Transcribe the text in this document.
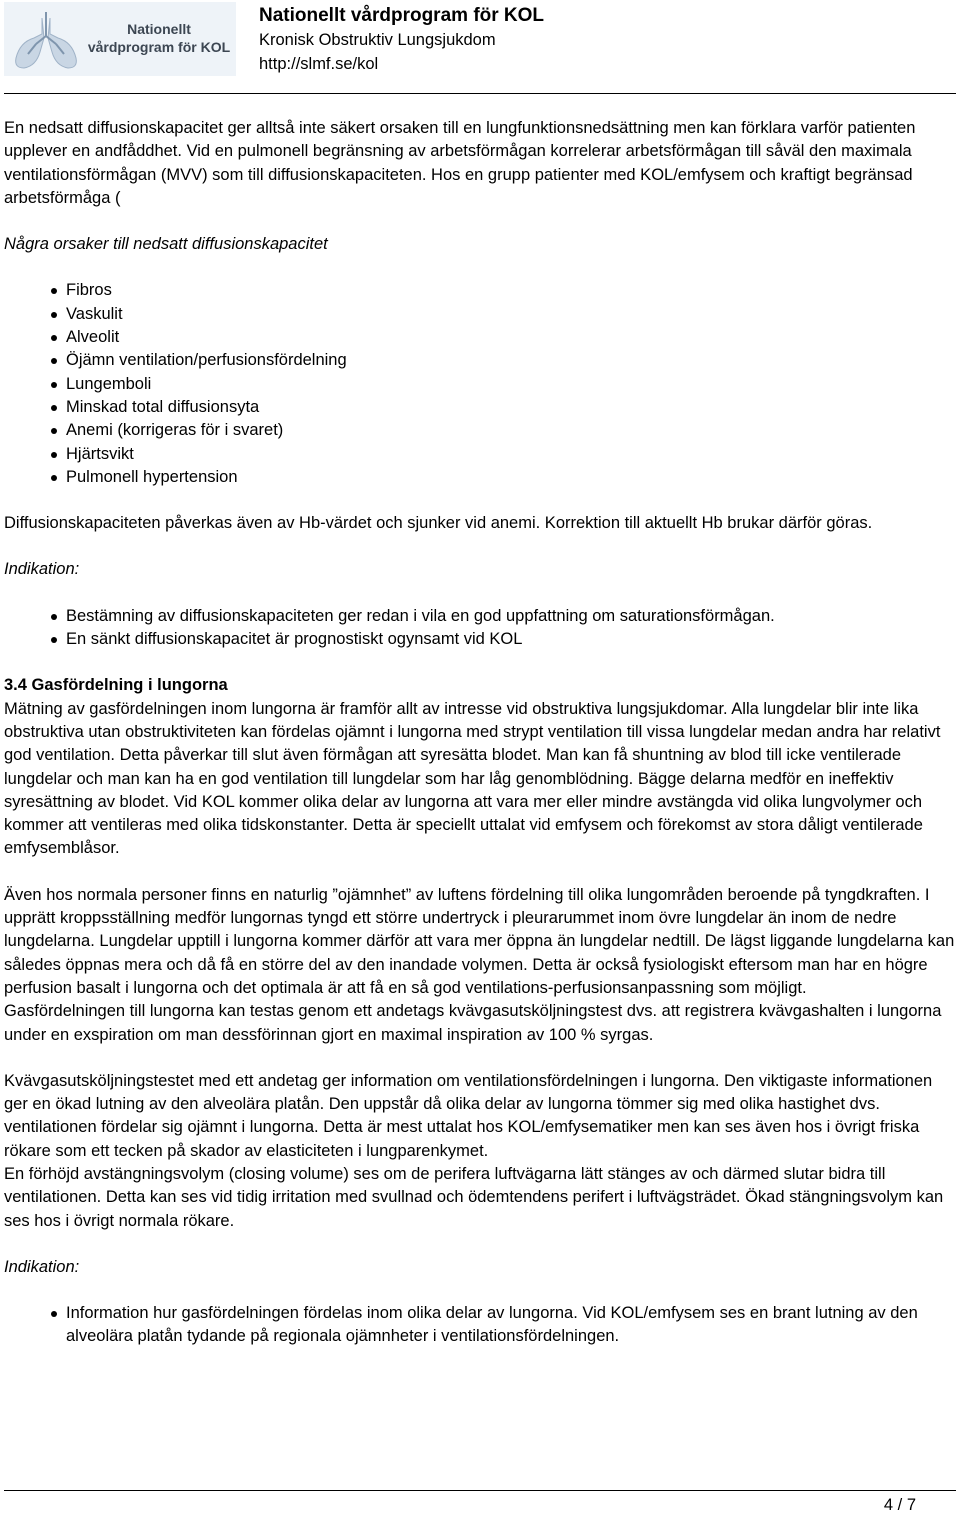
Nationellt
vårdprogram för KOL
Nationellt vårdprogram för KOL
Kronisk Obstruktiv Lungsjukdom
http://slmf.se/kol

En nedsatt diffusionskapacitet ger alltså inte säkert orsaken till en lungfunktionsnedsättning men kan förklara varför patienten upplever en andfåddhet. Vid en pulmonell begränsning av arbetsförmågan korrelerar arbetsförmågan till såväl den maximala ventilationsförmågan (MVV) som till diffusionskapaciteten. Hos en grupp patienter med KOL/emfysem och kraftigt begränsad arbetsförmåga (

Några orsaker till nedsatt diffusionskapacitet

Fibros
Vaskulit
Alveolit
Öjämn ventilation/perfusionsfördelning
Lungemboli
Minskad total diffusionsyta
Anemi (korrigeras för i svaret)
Hjärtsvikt
Pulmonell hypertension

Diffusionskapaciteten påverkas även av Hb-värdet och sjunker vid anemi. Korrektion till aktuellt Hb brukar därför göras.

Indikation:

Bestämning av diffusionskapaciteten ger redan i vila en god uppfattning om saturationsförmågan.
En sänkt diffusionskapacitet är prognostiskt ogynsamt vid KOL

3.4 Gasfördelning i lungorna

Mätning av gasfördelningen inom lungorna är framför allt av intresse vid obstruktiva lungsjukdomar. Alla lungdelar blir inte lika obstruktiva utan obstruktiviteten kan fördelas ojämnt i lungorna med strypt ventilation till vissa lungdelar medan andra har relativt god ventilation. Detta påverkar till slut även förmågan att syresätta blodet. Man kan få shuntning av blod till icke ventilerade lungdelar och man kan ha en god ventilation till lungdelar som har låg genomblödning. Bägge delarna medför en ineffektiv syresättning av blodet. Vid KOL kommer olika delar av lungorna att vara mer eller mindre avstängda vid olika lungvolymer och kommer att ventileras med olika tidskonstanter. Detta är speciellt uttalat vid emfysem och förekomst av stora dåligt ventilerade emfysemblåsor.

Även hos normala personer finns en naturlig ”ojämnhet” av luftens fördelning till olika lungområden beroende på tyngdkraften. I upprätt kroppsställning medför lungornas tyngd ett större undertryck i pleurarummet inom övre lungdelar än inom de nedre lungdelarna. Lungdelar upptill i lungorna kommer därför att vara mer öppna än lungdelar nedtill. De lägst liggande lungdelarna kan således öppnas mera och då få en större del av den inandade volymen. Detta är också fysiologiskt eftersom man har en högre perfusion basalt i lungorna och det optimala är att få en så god ventilations-perfusionsanpassning som möjligt.

Gasfördelningen till lungorna kan testas genom ett andetags kvävgasutsköljningstest dvs. att registrera kvävgashalten i lungorna under en exspiration om man dessförinnan gjort en maximal inspiration av 100 % syrgas.

Kvävgasutsköljningstestet med ett andetag ger information om ventilationsfördelningen i lungorna. Den viktigaste informationen ger en ökad lutning av den alveolära platån. Den uppstår då olika delar av lungorna tömmer sig med olika hastighet dvs. ventilationen fördelar sig ojämnt i lungorna. Detta är mest uttalat hos KOL/emfysematiker men kan ses även hos i övrigt friska rökare som ett tecken på skador av elasticiteten i lungparenkymet.

En förhöjd avstängningsvolym (closing volume) ses om de perifera luftvägarna lätt stänges av och därmed slutar bidra till ventilationen. Detta kan ses vid tidig irritation med svullnad och ödemtendens perifert i luftvägsträdet. Ökad stängningsvolym kan ses hos i övrigt normala rökare.

Indikation:

Information hur gasfördelningen fördelas inom olika delar av lungorna. Vid KOL/emfysem ses en brant lutning av den alveolära platån tydande på regionala ojämnheter i ventilationsfördelningen.
4 / 7
